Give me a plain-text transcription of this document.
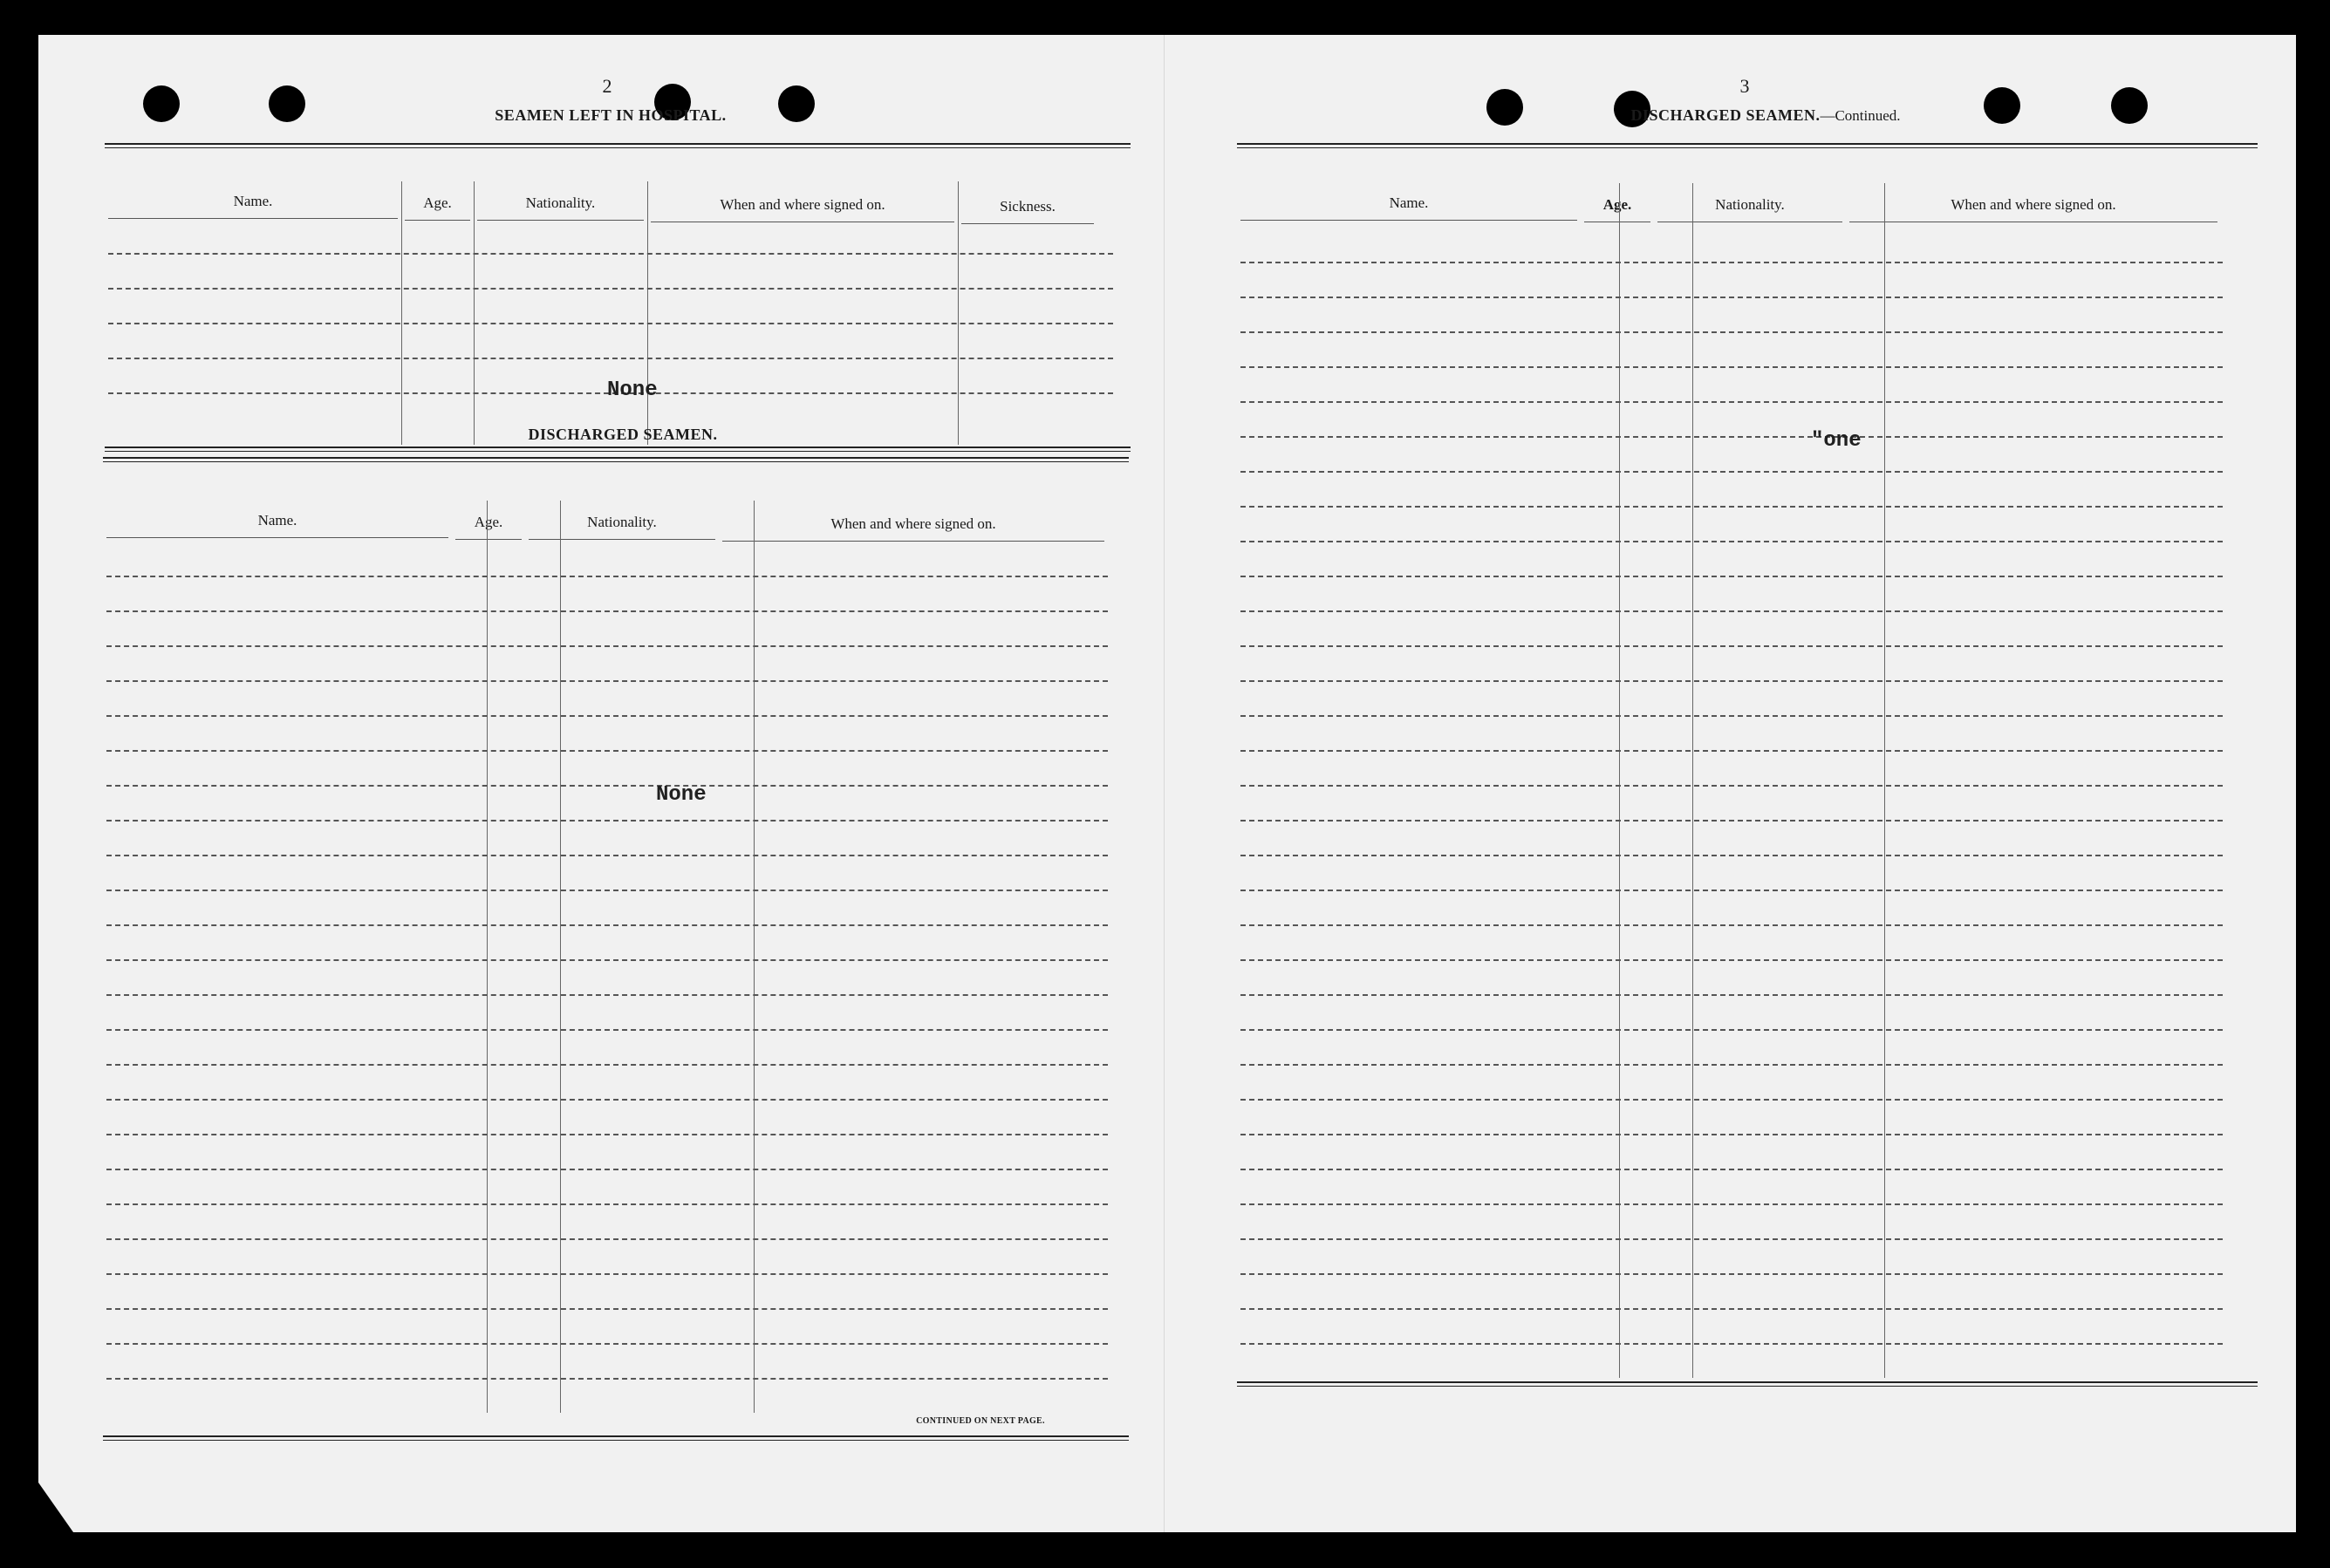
2
SEAMEN LEFT IN HOSPITAL.
Name.	Age.	Nationality.	When and where signed on.	Sickness.
None
DISCHARGED SEAMEN.
Name.	Age.	Nationality.	When and where signed on.
None
CONTINUED ON NEXT PAGE.
3
DISCHARGED SEAMEN.—Continued.
Name.	Age.	Nationality.	When and where signed on.
"one
